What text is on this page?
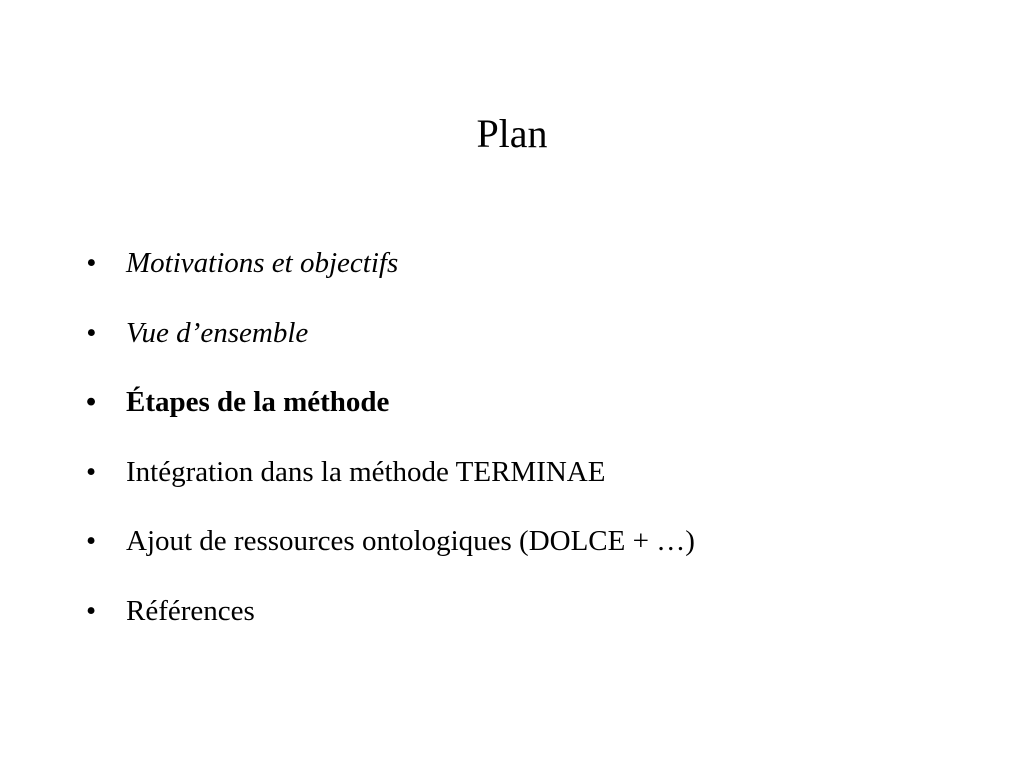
Plan
•	Motivations et objectifs
•	Vue d’ensemble
•	Étapes de la méthode
•	Intégration dans la méthode TERMINAE
•	Ajout de ressources ontologiques (DOLCE + …)
•	Références
